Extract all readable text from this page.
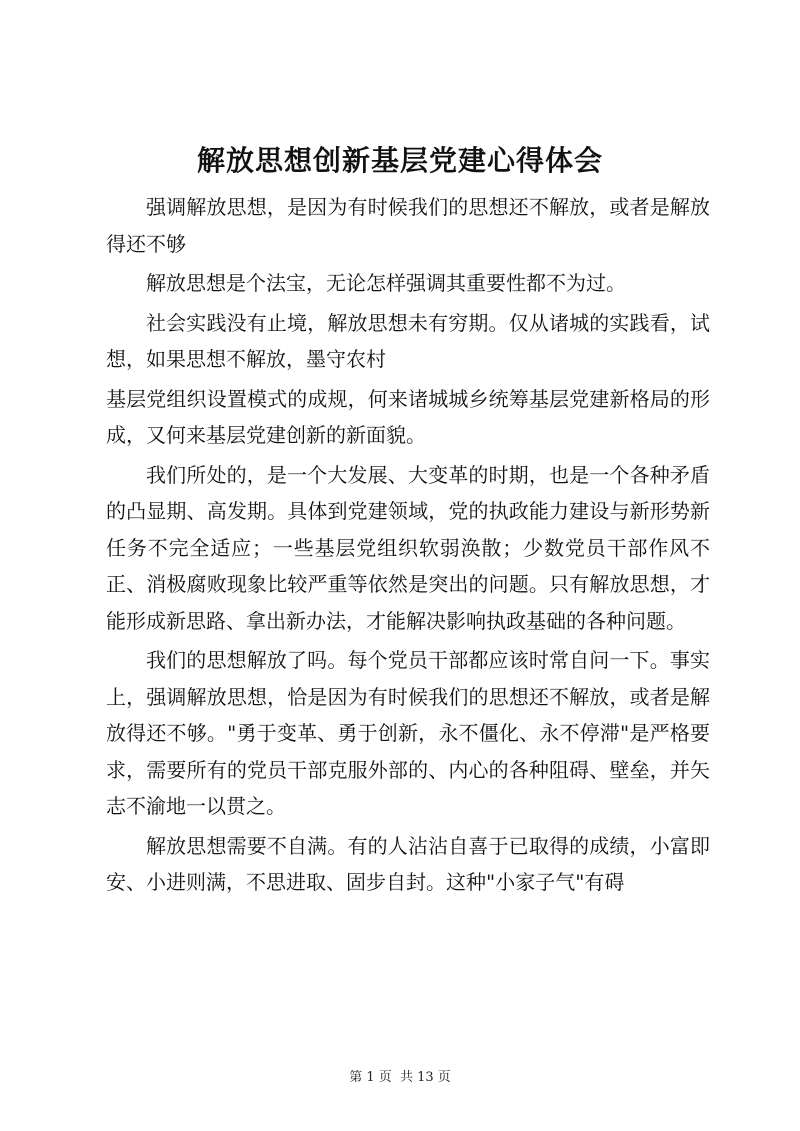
解放思想创新基层党建心得体会

强调解放思想，是因为有时候我们的思想还不解放，或者是解放得还不够

解放思想是个法宝，无论怎样强调其重要性都不为过。

社会实践没有止境，解放思想未有穷期。仅从诸城的实践看，试想，如果思想不解放，墨守农村

基层党组织设置模式的成规，何来诸城城乡统筹基层党建新格局的形成，又何来基层党建创新的新面貌。

我们所处的，是一个大发展、大变革的时期，也是一个各种矛盾的凸显期、高发期。具体到党建领域，党的执政能力建设与新形势新任务不完全适应；一些基层党组织软弱涣散；少数党员干部作风不正、消极腐败现象比较严重等依然是突出的问题。只有解放思想，才能形成新思路、拿出新办法，才能解决影响执政基础的各种问题。

我们的思想解放了吗。每个党员干部都应该时常自问一下。事实上，强调解放思想，恰是因为有时候我们的思想还不解放，或者是解放得还不够。"勇于变革、勇于创新，永不僵化、永不停滞"是严格要求，需要所有的党员干部克服外部的、内心的各种阻碍、壁垒，并矢志不渝地一以贯之。

解放思想需要不自满。有的人沾沾自喜于已取得的成绩，小富即安、小进则满，不思进取、固步自封。这种"小家子气"有碍

第 1 页  共 13 页
